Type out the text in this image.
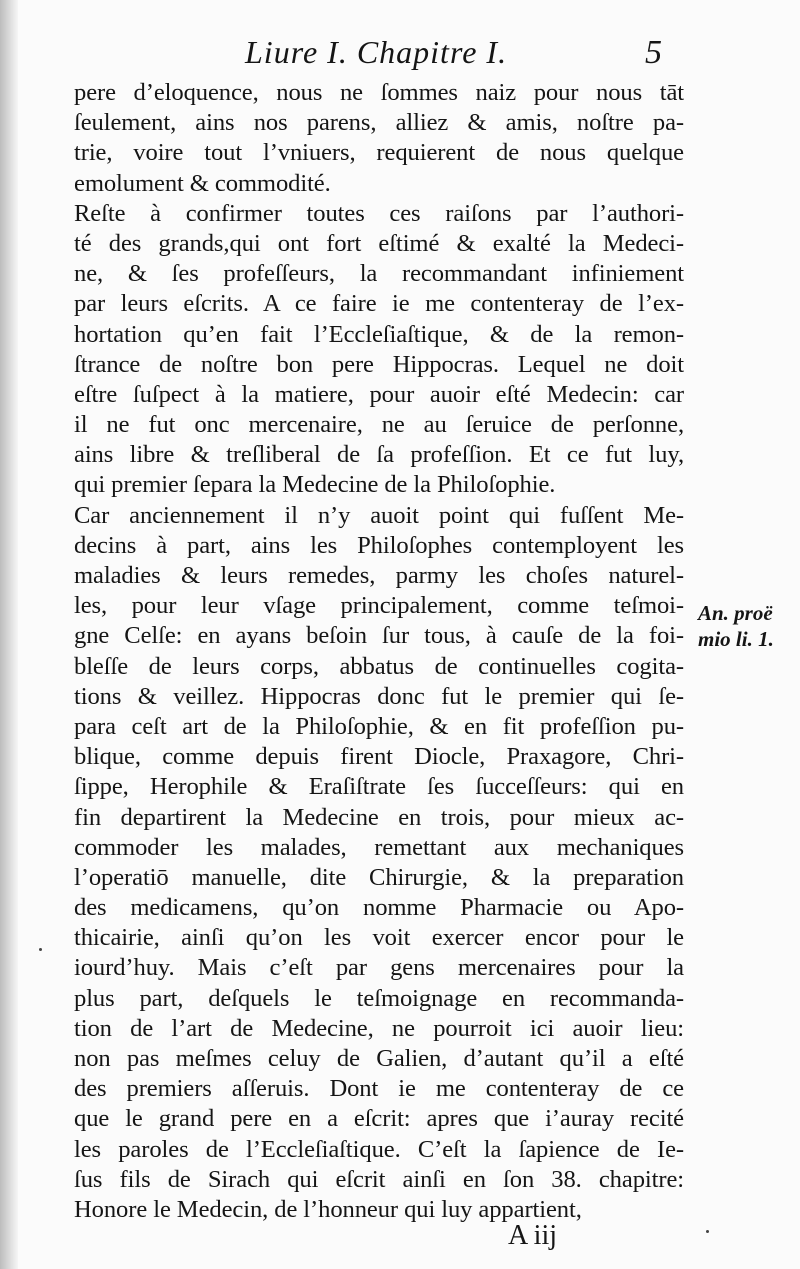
Liure I. Chapitre I.	5
pere d’eloquence, nous ne ſommes naiz pour nous tāt
ſeulement, ains nos parens, alliez & amis, noſtre pa-
trie, voire tout l’vniuers, requierent de nous quelque
emolument & commodité.
Reſte à confirmer toutes ces raiſons par l’authori-
té des grands,qui ont fort eſtimé & exalté la Medeci-
ne, & ſes profeſſeurs, la recommandant infiniement
par leurs eſcrits. A ce faire ie me contenteray de l’ex-
hortation qu’en fait l’Eccleſiaſtique, & de la remon-
ſtrance de noſtre bon pere Hippocras. Lequel ne doit
eſtre ſuſpect à la matiere, pour auoir eſté Medecin: car
il ne fut onc mercenaire, ne au ſeruice de perſonne,
ains libre & treſliberal de ſa profeſſion. Et ce fut luy,
qui premier ſepara la Medecine de la Philoſophie.
Car anciennement il n’y auoit point qui fuſſent Me-
decins à part, ains les Philoſophes contemployent les
maladies & leurs remedes, parmy les choſes naturel-
les, pour leur vſage principalement, comme teſmoi-
gne Celſe: en ayans beſoin ſur tous, à cauſe de la foi-
bleſſe de leurs corps, abbatus de continuelles cogita-
tions & veillez. Hippocras donc fut le premier qui ſe-
para ceſt art de la Philoſophie, & en fit profeſſion pu-
blique, comme depuis firent Diocle, Praxagore, Chri-
ſippe, Herophile & Eraſiſtrate ſes ſucceſſeurs: qui en
fin departirent la Medecine en trois, pour mieux ac-
commoder les malades, remettant aux mechaniques
l’operatiō manuelle, dite Chirurgie, & la preparation
des medicamens, qu’on nomme Pharmacie ou Apo-
thicairie, ainſi qu’on les voit exercer encor pour le
iourd’huy. Mais c’eſt par gens mercenaires pour la
plus part, deſquels le teſmoignage en recommanda-
tion de l’art de Medecine, ne pourroit ici auoir lieu:
non pas meſmes celuy de Galien, d’autant qu’il a eſté
des premiers aſſeruis. Dont ie me contenteray de ce
que le grand pere en a eſcrit: apres que i’auray recité
les paroles de l’Eccleſiaſtique. C’eſt la ſapience de Ie-
ſus fils de Sirach qui eſcrit ainſi en ſon 38. chapitre:
Honore le Medecin, de l’honneur qui luy appartient,
An. proë
mio li. 1.
A iij
